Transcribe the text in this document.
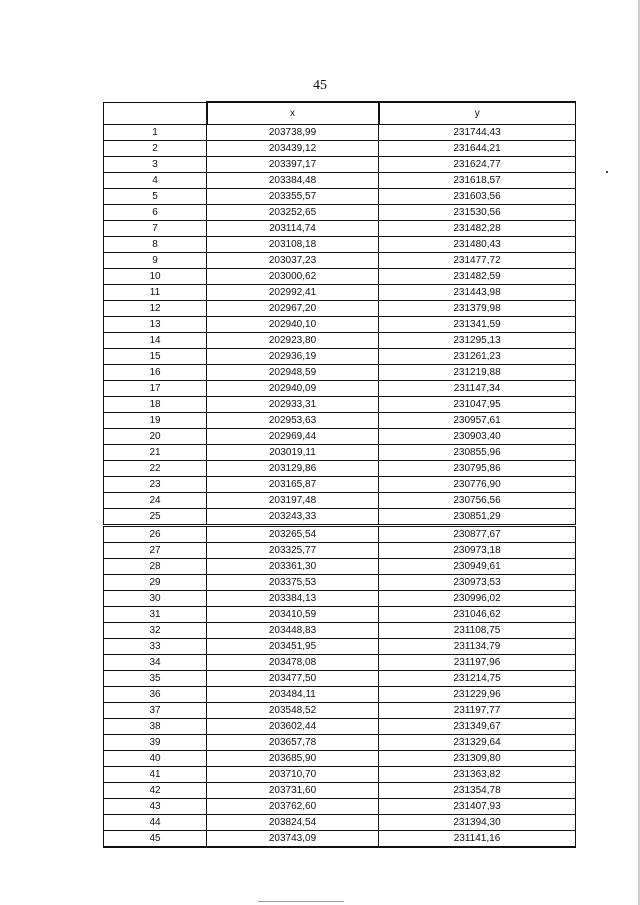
45
	x	y
1	203738,99	231744,43
2	203439,12	231644,21
3	203397,17	231624,77
4	203384,48	231618,57
5	203355,57	231603,56
6	203252,65	231530,56
7	203114,74	231482,28
8	203108,18	231480,43
9	203037,23	231477,72
10	203000,62	231482,59
11	202992,41	231443,98
12	202967,20	231379,98
13	202940,10	231341,59
14	202923,80	231295,13
15	202936,19	231261,23
16	202948,59	231219,88
17	202940,09	231147,34
18	202933,31	231047,95
19	202953,63	230957,61
20	202969,44	230903,40
21	203019,11	230855,96
22	203129,86	230795,86
23	203165,87	230776,90
24	203197,48	230756,56
25	203243,33	230851,29
26	203265,54	230877,67
27	203325,77	230973,18
28	203361,30	230949,61
29	203375,53	230973,53
30	203384,13	230996,02
31	203410,59	231046,62
32	203448,83	231108,75
33	203451,95	231134,79
34	203478,08	231197,96
35	203477,50	231214,75
36	203484,11	231229,96
37	203548,52	231197,77
38	203602,44	231349,67
39	203657,78	231329,64
40	203685,90	231309,80
41	203710,70	231363,82
42	203731,60	231354,78
43	203762,60	231407,93
44	203824,54	231394,30
45	203743,09	231141,16
